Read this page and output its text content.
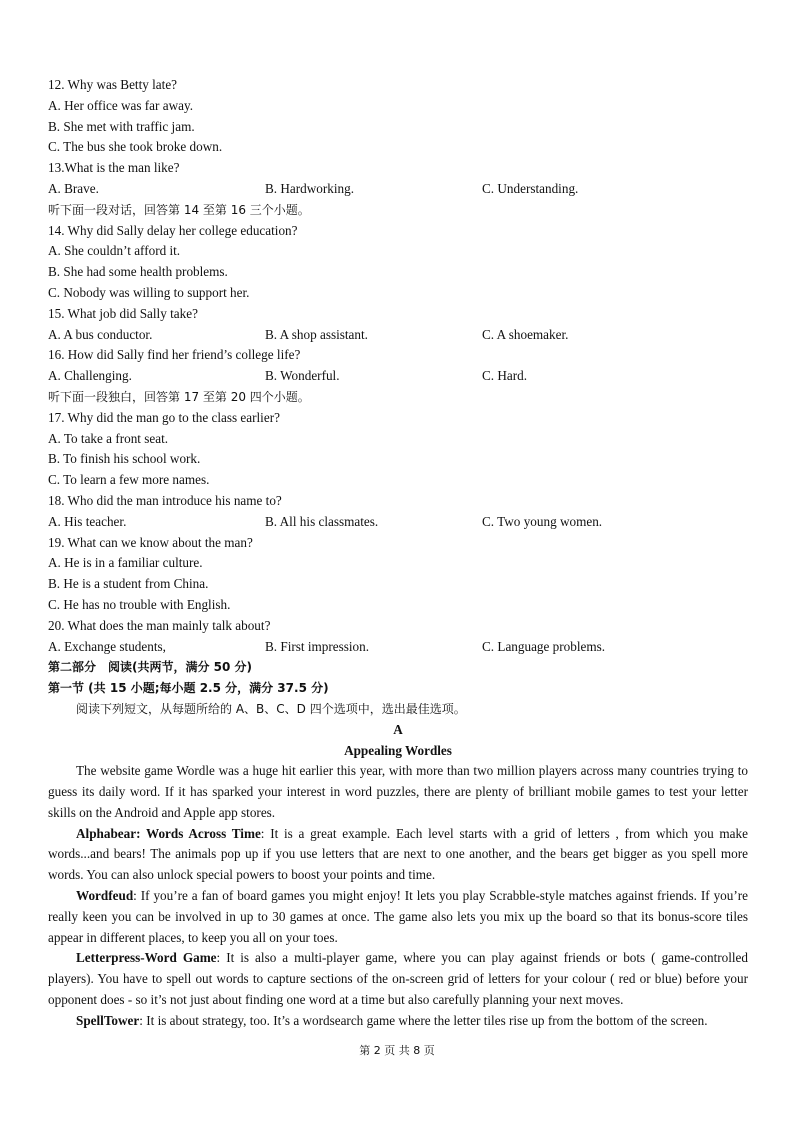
12. Why was Betty late?
A. Her office was far away.
B. She met with traffic jam.
C. The bus she took broke down.
13.What is the man like?
A. Brave.	B. Hardworking.	C. Understanding.
听下面一段对话，回答第 14 至第 16 三个小题。
14. Why did Sally delay her college education?
A. She couldn’t afford it.
B. She had some health problems.
C. Nobody was willing to support her.
15. What job did Sally take?
A. A bus conductor.	B. A shop assistant.	C. A shoemaker.
16. How did Sally find her friend’s college life?
A. Challenging.	B. Wonderful.	C. Hard.
听下面一段独白，回答第 17 至第 20 四个小题。
17. Why did the man go to the class earlier?
A. To take a front seat.
B. To finish his school work.
C. To learn a few more names.
18. Who did the man introduce his name to?
A. His teacher.	B. All his classmates.	C. Two young women.
19. What can we know about the man?
A. He is in a familiar culture.
B. He is a student from China.
C. He has no trouble with English.
20. What does the man mainly talk about?
A. Exchange students,	B. First impression.	C. Language problems.
第二部分　阅读(共两节，满分 50 分)
第一节 (共 15 小题;每小题 2.5 分，满分 37.5 分)
阅读下列短文，从每题所给的 A、B、C、D 四个选项中，选出最佳选项。
A
Appealing Wordles
The website game Wordle was a huge hit earlier this year, with more than two million players across many countries trying to guess its daily word. If it has sparked your interest in word puzzles, there are plenty of brilliant mobile games to test your letter skills on the Android and Apple app stores.
Alphabear: Words Across Time: It is a great example. Each level starts with a grid of letters , from which you make words...and bears! The animals pop up if you use letters that are next to one another, and the bears get bigger as you spell more words. You can also unlock special powers to boost your points and time.
Wordfeud: If you’re a fan of board games you might enjoy! It lets you play Scrabble-style matches against friends. If you’re really keen you can be involved in up to 30 games at once. The game also lets you mix up the board so that its bonus-score tiles appear in different places, to keep you all on your toes.
Letterpress-Word Game: It is also a multi-player game, where you can play against friends or bots ( game-controlled players). You have to spell out words to capture sections of the on-screen grid of letters for your colour ( red or blue) before your opponent does - so it’s not just about finding one word at a time but also carefully planning your next moves.
SpellTower: It is about strategy, too. It’s a wordsearch game where the letter tiles rise up from the bottom of the screen.
第 2 页 共 8 页
